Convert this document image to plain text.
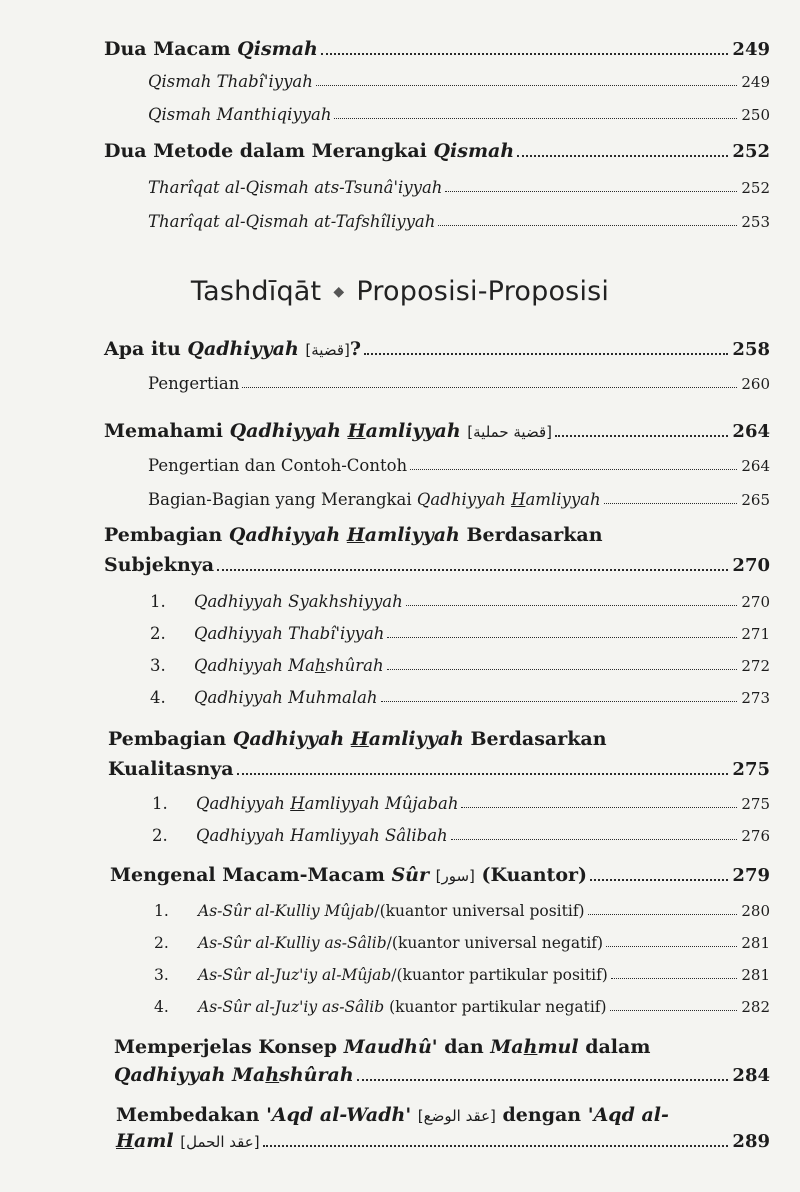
Dua Macam Qismah	249
Qismah Thabî'iyyah	249
Qismah Manthiqiyyah	250
Dua Metode dalam Merangkai Qismah	252
Tharîqat al-Qismah ats-Tsunâ'iyyah	252
Tharîqat al-Qismah at-Tafshîliyyah	253
Tashdīqāt ◆ Proposisi-Proposisi
Apa itu Qadhiyyah [قضية]?	258
Pengertian	260
Memahami Qadhiyyah Hamliyyah [قضية حملية]	264
Pengertian dan Contoh-Contoh	264
Bagian-Bagian yang Merangkai Qadhiyyah Hamliyyah	265
Pembagian Qadhiyyah Hamliyyah Berdasarkan
Subjeknya	270
1. Qadhiyyah Syakhshiyyah	270
2. Qadhiyyah Thabî'iyyah	271
3. Qadhiyyah Mahshûrah	272
4. Qadhiyyah Muhmalah	273
Pembagian Qadhiyyah Hamliyyah Berdasarkan
Kualitasnya	275
1. Qadhiyyah Hamliyyah Mûjabah	275
2. Qadhiyyah Hamliyyah Sâlibah	276
Mengenal Macam-Macam Sûr [سور] (Kuantor)	279
1. As-Sûr al-Kulliy Mûjab/(kuantor universal positif)	280
2. As-Sûr al-Kulliy as-Sâlib/(kuantor universal negatif)	281
3. As-Sûr al-Juz'iy al-Mûjab/(kuantor partikular positif)	281
4. As-Sûr al-Juz'iy as-Sâlib (kuantor partikular negatif)	282
Memperjelas Konsep Maudhû' dan Mahmul dalam
Qadhiyyah Mahshûrah	284
Membedakan 'Aqd al-Wadh' [عقد الوضع] dengan 'Aqd al-
Haml [عقد الحمل]	289
